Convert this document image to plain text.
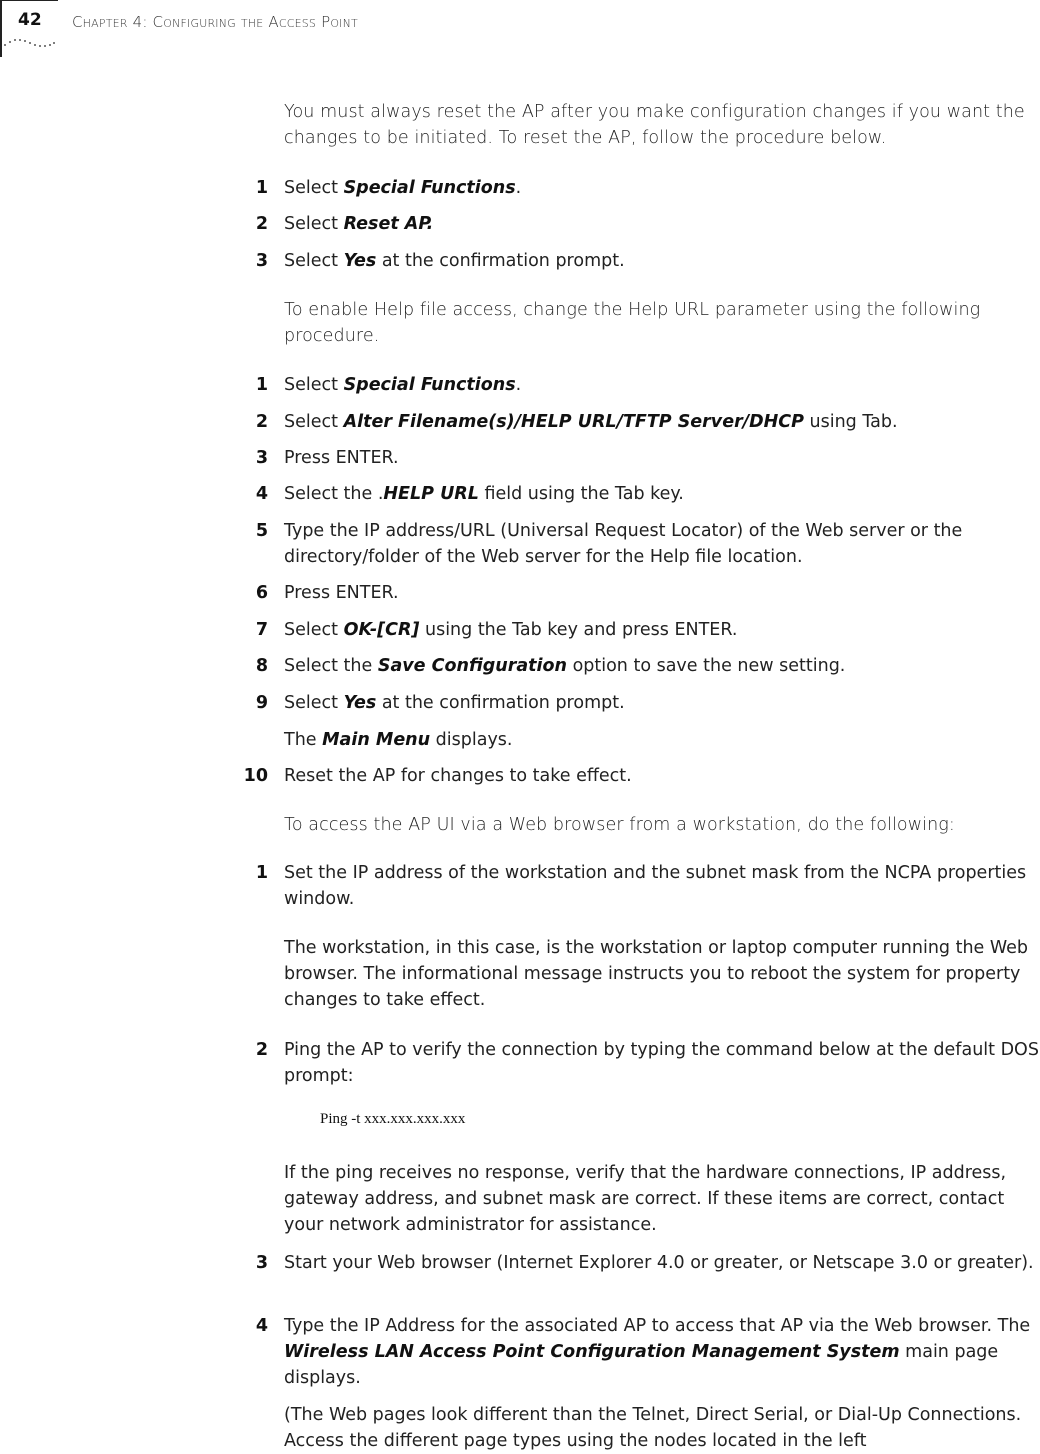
42 Chapter 4: Configuring the Access Point
You must always reset the AP after you make configuration changes if you want the changes to be initiated. To reset the AP, follow the procedure below.
1 Select Special Functions.
2 Select Reset AP.
3 Select Yes at the confirmation prompt.
To enable Help file access, change the Help URL parameter using the following procedure.
1 Select Special Functions.
2 Select Alter Filename(s)/HELP URL/TFTP Server/DHCP using Tab.
3 Press ENTER.
4 Select the .HELP URL field using the Tab key.
5 Type the IP address/URL (Universal Request Locator) of the Web server or the directory/folder of the Web server for the Help file location.
6 Press ENTER.
7 Select OK-[CR] using the Tab key and press ENTER.
8 Select the Save Configuration option to save the new setting.
9 Select Yes at the confirmation prompt.
The Main Menu displays.
10 Reset the AP for changes to take effect.
To access the AP UI via a Web browser from a workstation, do the following:
1 Set the IP address of the workstation and the subnet mask from the NCPA properties window.
The workstation, in this case, is the workstation or laptop computer running the Web browser. The informational message instructs you to reboot the system for property changes to take effect.
2 Ping the AP to verify the connection by typing the command below at the default DOS prompt:
Ping -t xxx.xxx.xxx.xxx
If the ping receives no response, verify that the hardware connections, IP address, gateway address, and subnet mask are correct. If these items are correct, contact your network administrator for assistance.
3 Start your Web browser (Internet Explorer 4.0 or greater, or Netscape 3.0 or greater).
4 Type the IP Address for the associated AP to access that AP via the Web browser. The Wireless LAN Access Point Configuration Management System main page displays.
(The Web pages look different than the Telnet, Direct Serial, or Dial-Up Connections. Access the different page types using the nodes located in the left
